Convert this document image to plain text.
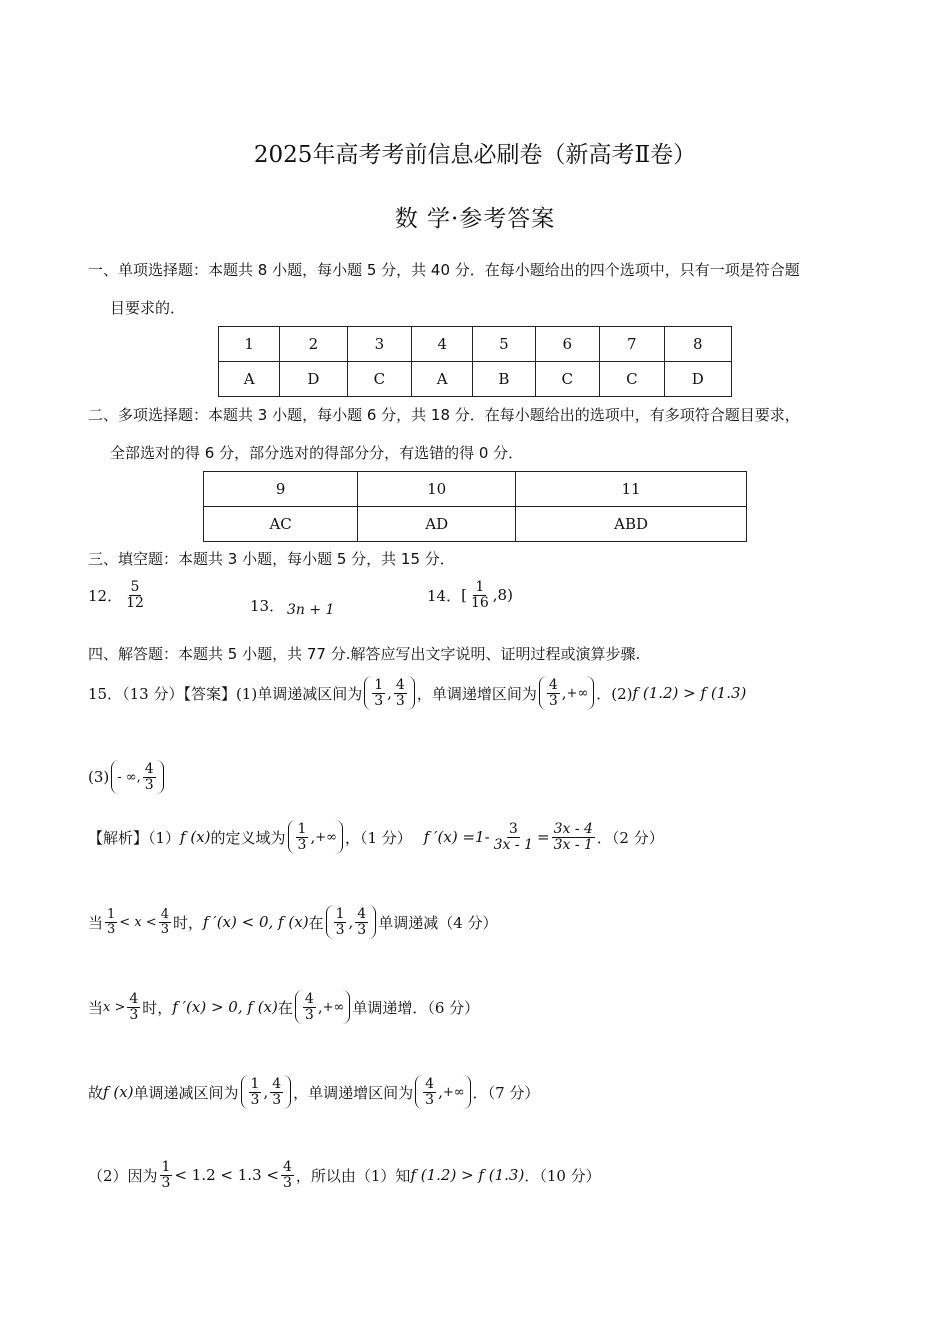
2025年高考考前信息必刷卷（新高考Ⅱ卷）
数 学·参考答案
一、单项选择题：本题共 8 小题，每小题 5 分，共 40 分．在每小题给出的四个选项中，只有一项是符合题
目要求的．
1	2	3	4	5	6	7	8
A	D	C	A	B	C	C	D
二、多项选择题：本题共 3 小题，每小题 6 分，共 18 分．在每小题给出的选项中，有多项符合题目要求，
全部选对的得 6 分，部分选对的得部分分，有选错的得 0 分．
9	10	11
AC	AD	ABD
三、填空题：本题共 3 小题，每小题 5 分，共 15 分．
12． $\frac{5}{12}$	13． 3n + 1
14． [ $\frac{1}{16} ,8$)
四、解答题：本题共 5 小题，共 77 分.解答应写出文字说明、证明过程或演算步骤.
15．（13 分）【答案】(1)单调递减区间为 $\frac{1}{3}$ , $\frac{4}{3}$ ，单调递增区间为 $\frac{4}{3}$ , +∞ ．(2) f (1.2) > f (1.3)
(3) - ∞, $\frac{4}{3}$
【解析】（1） f (x) 的定义域为 $\frac{1}{3}$ , +∞ ，（1 分） f $'(x) =1- \frac{3}{3x - 1} = \frac{3x - 4}{3x - 1}$ ．（2 分）
当 $\frac{1}{3} < x < \frac{4}{3}$ 时， f ′(x) < 0, f (x) 在 $\frac{1}{3}$ , $\frac{4}{3}$ 单调递减（4 分）
当 $x > \frac{4}{3}$ 时， f ′(x) > 0, f (x) 在 $\frac{4}{3}$ , +∞ 单调递增．（6 分）
故 f (x) 单调递减区间为 $\frac{1}{3}$ , $\frac{4}{3}$ ，单调递增区间为 $\frac{4}{3}$ , +∞ ．（7 分）
（2）因为 $\frac{1}{3} < 1.2 < 1.3 < \frac{4}{3}$ ，所以由（1）知 f (1.2) > f (1.3) ．（10 分）
